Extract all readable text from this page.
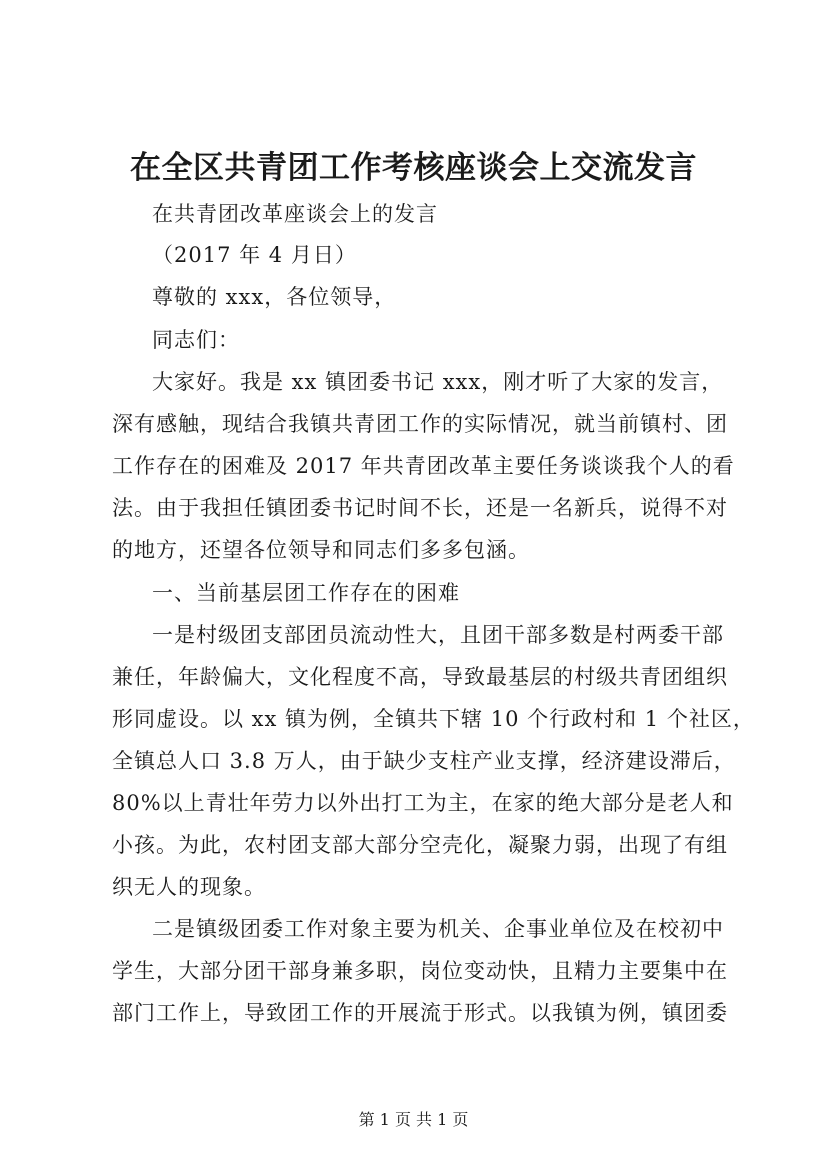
在全区共青团工作考核座谈会上交流发言
在共青团改革座谈会上的发言
（2017 年 4 月日）
尊敬的 xxx，各位领导，
同志们：
大家好。我是 xx 镇团委书记 xxx，刚才听了大家的发言，
深有感触，现结合我镇共青团工作的实际情况，就当前镇村、团
工作存在的困难及 2017 年共青团改革主要任务谈谈我个人的看
法。由于我担任镇团委书记时间不长，还是一名新兵，说得不对
的地方，还望各位领导和同志们多多包涵。
一、当前基层团工作存在的困难
一是村级团支部团员流动性大，且团干部多数是村两委干部
兼任，年龄偏大，文化程度不高，导致最基层的村级共青团组织
形同虚设。以 xx 镇为例，全镇共下辖 10 个行政村和 1 个社区，
全镇总人口 3.8 万人，由于缺少支柱产业支撑，经济建设滞后，
80%以上青壮年劳力以外出打工为主，在家的绝大部分是老人和
小孩。为此，农村团支部大部分空壳化，凝聚力弱，出现了有组
织无人的现象。
二是镇级团委工作对象主要为机关、企事业单位及在校初中
学生，大部分团干部身兼多职，岗位变动快，且精力主要集中在
部门工作上，导致团工作的开展流于形式。以我镇为例，镇团委
第 1 页 共 1 页
